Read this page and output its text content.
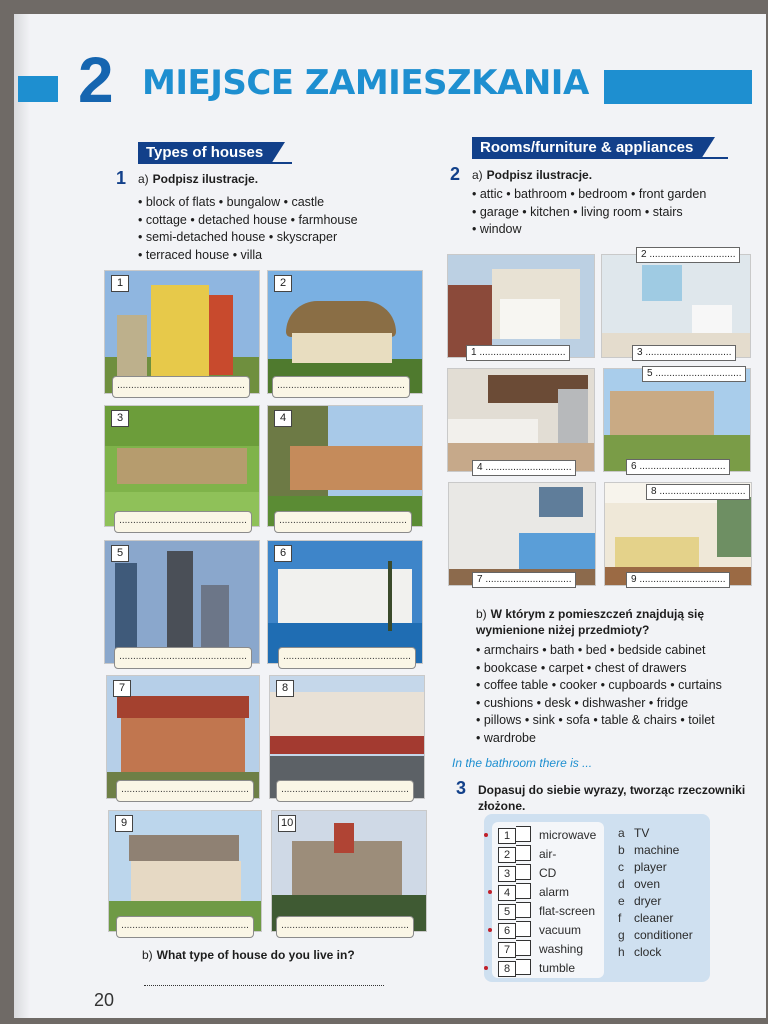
2 MIEJSCE ZAMIESZKANIA
Types of houses
1 a) Podpisz ilustracje.
• block of flats • bungalow • castle
• cottage • detached house • farmhouse
• semi-detached house • skyscraper
• terraced house • villa
1
..............................................
2
..............................................
3
..............................................
4
..............................................
5
..............................................
6
..............................................
7
..............................................
8
..............................................
9
..............................................
10
..............................................
b) What type of house do you live in?
Rooms/furniture & appliances
2 a) Podpisz ilustracje.
• attic • bathroom • bedroom • front garden
• garage • kitchen • living room • stairs
• window
1 ...............................
2 ...............................
3 ...............................
4 ...............................
5 ...............................
6 ...............................
7 ...............................
8 ...............................
9 ...............................
b) W którym z pomieszczeń znajdują się
wymienione niżej przedmioty?
• armchairs • bath • bed • bedside cabinet
• bookcase • carpet • chest of drawers
• coffee table • cooker • cupboards • curtains
• cushions • desk • dishwasher • fridge
• pillows • sink • sofa • table & chairs • toilet
• wardrobe
In the bathroom there is ...
3 Dopasuj do siebie wyrazy, tworząc rzeczowniki
złożone.
1 microwave
2 air-
3 CD
4 alarm
5 flat-screen
6 vacuum
7 washing
8 tumble
a TV
b machine
c player
d oven
e dryer
f cleaner
g conditioner
h clock
20
